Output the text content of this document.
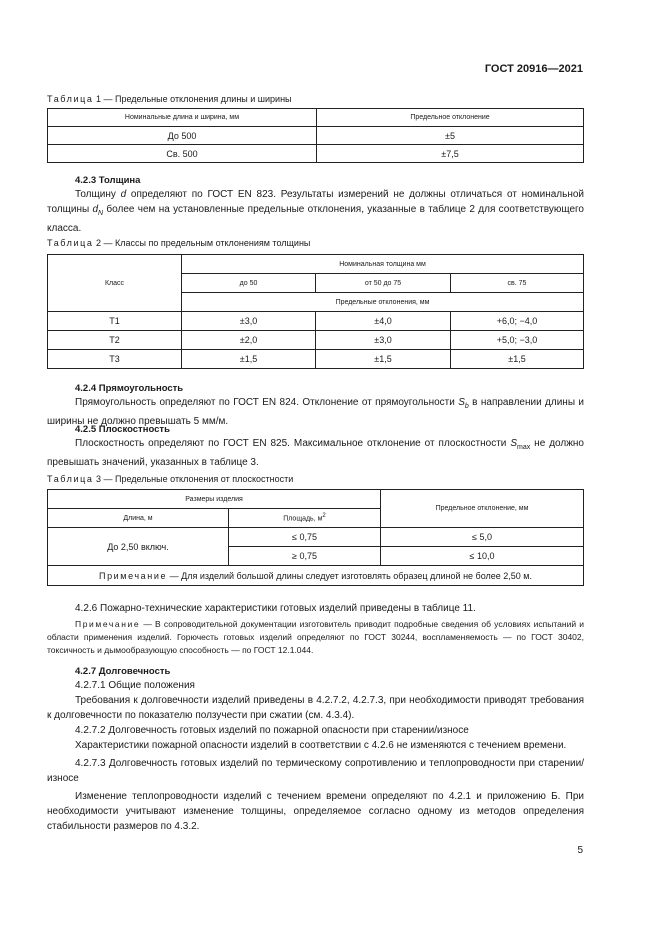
ГОСТ 20916—2021
Таблица 1 — Предельные отклонения длины и ширины
Номинальные длина и ширина, мм	Предельное отклонение
До 500	±5
Св. 500	±7,5
4.2.3 Толщина
Толщину d определяют по ГОСТ EN 823. Результаты измерений не должны отличаться от номинальной толщины $d_N$ более чем на установленные предельные отклонения, указанные в таблице 2 для соответствующего класса.
Таблица 2 — Классы по предельным отклонениям толщины
Класс	Номинальная толщина мм		
	до 50	от 50 до 75	св. 75
	Предельные отклонения, мм		
T1	±3,0	±4,0	+6,0; −4,0
T2	±2,0	±3,0	+5,0; −3,0
T3	±1,5	±1,5	±1,5
4.2.4 Прямоугольность
Прямоугольность определяют по ГОСТ EN 824. Отклонение от прямоугольности $S_b$ в направлении длины и ширины не должно превышать 5 мм/м.
4.2.5 Плоскостность
Плоскостность определяют по ГОСТ EN 825. Максимальное отклонение от плоскостности $S_{max}$ не должно превышать значений, указанных в таблице 3.
Таблица 3 — Предельные отклонения от плоскостности
Размеры изделия		Предельное отклонение, мм
Длина, м	Площадь, $м^2$
До 2,50 включ.	≤ 0,75	≤ 5,0
	≥ 0,75	≤ 10,0
Примечание — Для изделий большой длины следует изготовлять образец длиной не более 2,50 м.		
4.2.6 Пожарно-технические характеристики готовых изделий приведены в таблице 11.
Примечание — В сопроводительной документации изготовитель приводит подробные сведения об условиях испытаний и области применения изделий. Горючесть готовых изделий определяют по ГОСТ 30244, воспламеняемость — по ГОСТ 30402, токсичность и дымообразующую способность — по ГОСТ 12.1.044.
4.2.7 Долговечность
4.2.7.1 Общие положения
Требования к долговечности изделий приведены в 4.2.7.2, 4.2.7.3, при необходимости приводят требования к долговечности по показателю ползучести при сжатии (см. 4.3.4).
4.2.7.2 Долговечность готовых изделий по пожарной опасности при старении/износе
Характеристики пожарной опасности изделий в соответствии с 4.2.6 не изменяются с течением времени.
4.2.7.3 Долговечность готовых изделий по термическому сопротивлению и теплопроводности при старении/износе
Изменение теплопроводности изделий с течением времени определяют по 4.2.1 и приложению Б. При необходимости учитывают изменение толщины, определяемое согласно одному из методов определения стабильности размеров по 4.3.2.
5
